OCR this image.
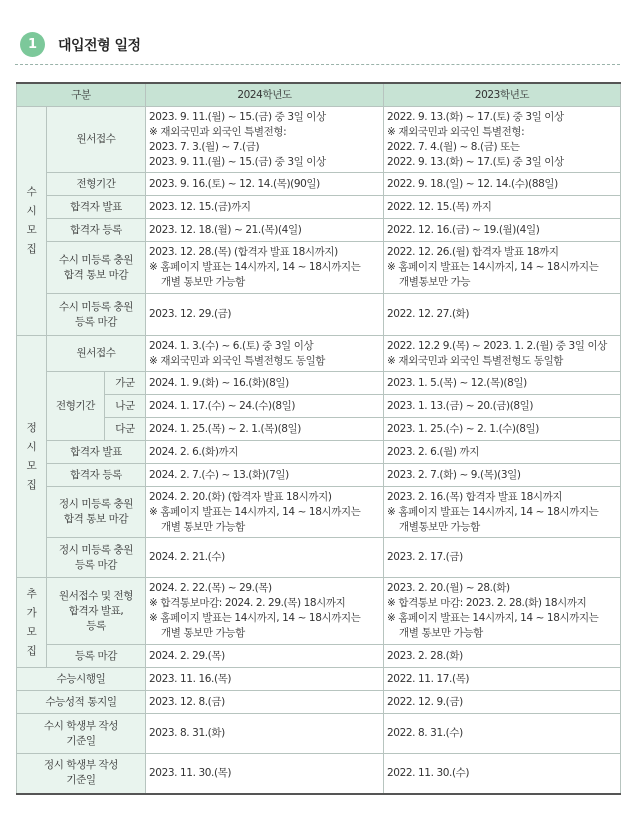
1	대입전형 일정
구분			2024학년도	2023학년도

수
시
모
집	원서접수		2023. 9. 11.(월) ~ 15.(금) 중 3일 이상
※ 재외국민과 외국인 특별전형:
2023. 7. 3.(월) ~ 7.(금)
2023. 9. 11.(월) ~ 15.(금) 중 3일 이상	2022. 9. 13.(화) ~ 17.(토) 중 3일 이상
※ 재외국민과 외국인 특별전형:
2022. 7. 4.(월) ~ 8.(금) 또는
2022. 9. 13.(화) ~ 17.(토) 중 3일 이상

	전형기간		2023. 9. 16.(토) ~ 12. 14.(목)(90일)	2022. 9. 18.(일) ~ 12. 14.(수)(88일)
	합격자 발표		2023. 12. 15.(금)까지	2022. 12. 15.(목) 까지
	합격자 등록		2023. 12. 18.(월) ~ 21.(목)(4일)	2022. 12. 16.(금) ~ 19.(월)(4일)

	수시 미등록 충원
합격 통보 마감		2023. 12. 28.(목) (합격자 발표 18시까지)
※ 홈페이지 발표는 14시까지, 14 ~ 18시까지는
개별 통보만 가능함	2022. 12. 26.(월) 합격자 발표 18까지
※ 홈페이지 발표는 14시까지, 14 ~ 18시까지는
개별통보만 가능

	수시 미등록 충원
등록 마감		2023. 12. 29.(금)	2022. 12. 27.(화)

정
시
모
집	원서접수		2024. 1. 3.(수) ~ 6.(토) 중 3일 이상
※ 재외국민과 외국인 특별전형도 동일함	2022. 12.2 9.(목) ~ 2023. 1. 2.(월) 중 3일 이상
※ 재외국민과 외국인 특별전형도 동일함

	전형기간	가군	2024. 1. 9.(화) ~ 16.(화)(8일)	2023. 1. 5.(목) ~ 12.(목)(8일)
		나군	2024. 1. 17.(수) ~ 24.(수)(8일)	2023. 1. 13.(금) ~ 20.(금)(8일)
		다군	2024. 1. 25.(목) ~ 2. 1.(목)(8일)	2023. 1. 25.(수) ~ 2. 1.(수)(8일)
	합격자 발표		2024. 2. 6.(화)까지	2023. 2. 6.(월) 까지
	합격자 등록		2024. 2. 7.(수) ~ 13.(화)(7일)	2023. 2. 7.(화) ~ 9.(목)(3일)

	정시 미등록 충원
합격 통보 마감		2024. 2. 20.(화) (합격자 발표 18시까지)
※ 홈페이지 발표는 14시까지, 14 ~ 18시까지는
개별 통보만 가능함	2023. 2. 16.(목) 합격자 발표 18시까지
※ 홈페이지 발표는 14시까지, 14 ~ 18시까지는
개별통보만 가능함

	정시 미등록 충원
등록 마감		2024. 2. 21.(수)	2023. 2. 17.(금)

추
가
모
집	원서접수 및 전형
합격자 발표,
등록		2024. 2. 22.(목) ~ 29.(목)
※ 합격통보마감: 2024. 2. 29.(목) 18시까지
※ 홈페이지 발표는 14시까지, 14 ~ 18시까지는
개별 통보만 가능함	2023. 2. 20.(월) ~ 28.(화)
※ 합격통보 마감: 2023. 2. 28.(화) 18시까지
※ 홈페이지 발표는 14시까지, 14 ~ 18시까지는
개별 통보만 가능함

	등록 마감		2024. 2. 29.(목)	2023. 2. 28.(화)
수능시행일			2023. 11. 16.(목)	2022. 11. 17.(목)
수능성적 통지일			2023. 12. 8.(금)	2022. 12. 9.(금)

수시 학생부 작성
기준일			2023. 8. 31.(화)	2022. 8. 31.(수)

정시 학생부 작성
기준일			2023. 11. 30.(목)	2022. 11. 30.(수)
